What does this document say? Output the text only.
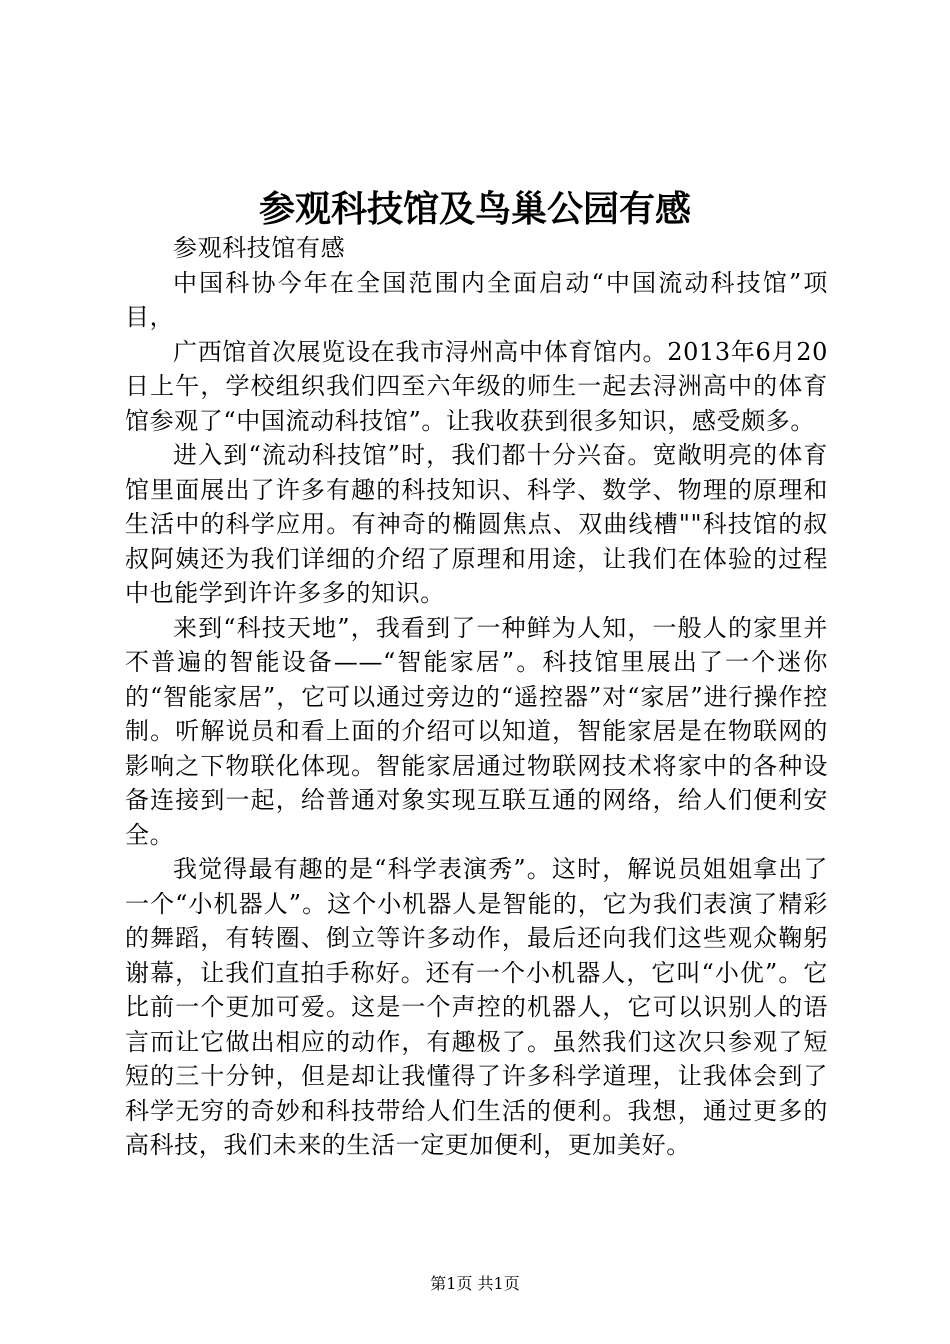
参观科技馆及鸟巢公园有感

参观科技馆有感

中国科协今年在全国范围内全面启动“中国流动科技馆”项目，

广西馆首次展览设在我市浔州高中体育馆内。2013年6月20日上午，学校组织我们四至六年级的师生一起去浔洲高中的体育馆参观了“中国流动科技馆”。让我收获到很多知识，感受颇多。

进入到“流动科技馆”时，我们都十分兴奋。宽敞明亮的体育馆里面展出了许多有趣的科技知识、科学、数学、物理的原理和生活中的科学应用。有神奇的椭圆焦点、双曲线槽""科技馆的叔叔阿姨还为我们详细的介绍了原理和用途，让我们在体验的过程中也能学到许许多多的知识。

来到“科技天地”，我看到了一种鲜为人知，一般人的家里并不普遍的智能设备——“智能家居”。科技馆里展出了一个迷你的“智能家居”，它可以通过旁边的“遥控器”对“家居”进行操作控制。听解说员和看上面的介绍可以知道，智能家居是在物联网的影响之下物联化体现。智能家居通过物联网技术将家中的各种设备连接到一起，给普通对象实现互联互通的网络，给人们便利安全。

我觉得最有趣的是“科学表演秀”。这时，解说员姐姐拿出了一个“小机器人”。这个小机器人是智能的，它为我们表演了精彩的舞蹈，有转圈、倒立等许多动作，最后还向我们这些观众鞠躬谢幕，让我们直拍手称好。还有一个小机器人，它叫“小优”。它比前一个更加可爱。这是一个声控的机器人，它可以识别人的语言而让它做出相应的动作，有趣极了。虽然我们这次只参观了短短的三十分钟，但是却让我懂得了许多科学道理，让我体会到了科学无穷的奇妙和科技带给人们生活的便利。我想，通过更多的高科技，我们未来的生活一定更加便利，更加美好。

第1页 共1页
